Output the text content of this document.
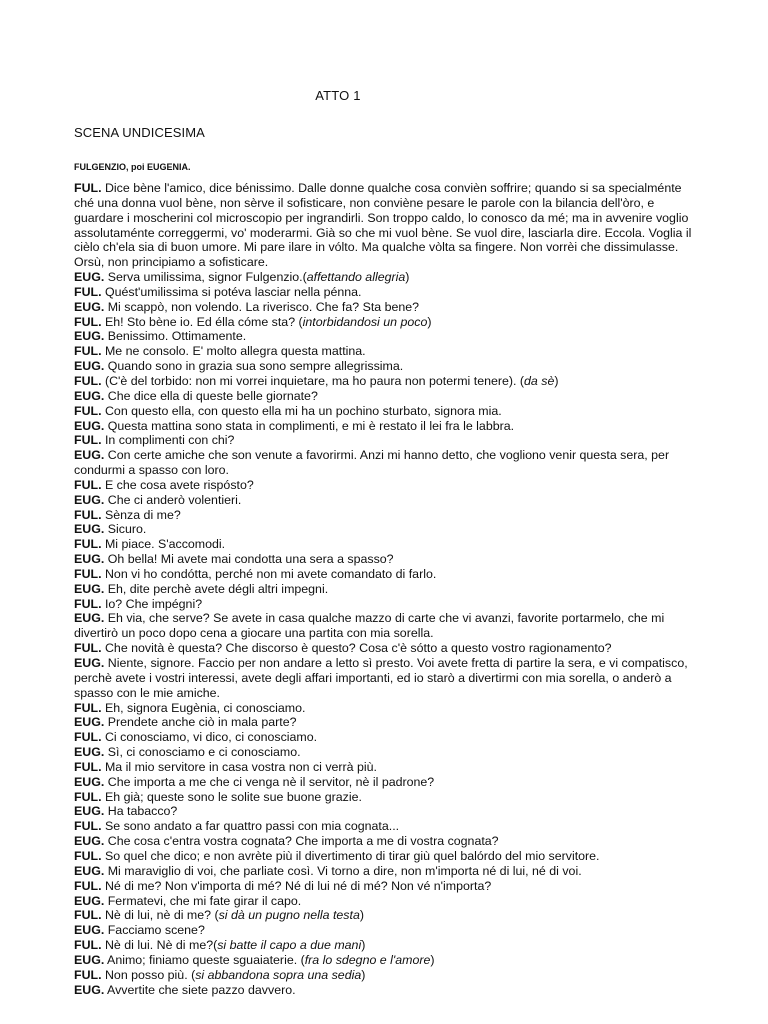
ATTO 1
SCENA UNDICESIMA
FULGENZIO, poi EUGENIA.
FUL. Dice bène l'amico, dice bénissimo. Dalle donne qualche cosa convièn soffrire; quando si sa specialménte ché una donna vuol bène, non sèrve il sofisticare, non conviène pesare le parole con la bilancia dell'òro, e guardare i moscherini col microscopio per ingrandirli. Son troppo caldo, lo conosco da mé; ma in avvenire voglio assolutaménte correggermi, vo' moderarmi. Già so che mi vuol bène. Se vuol dire, lasciarla dire. Eccola. Voglia il cièlo ch'ela sia di buon umore. Mi pare ilare in vólto. Ma qualche vòlta sa fingere. Non vorrèi che dissimulasse. Orsù, non principiamo a sofisticare.
EUG. Serva umilissima, signor Fulgenzio.(affettando allegria)
FUL. Quést'umilissima si potéva lasciar nella pénna.
EUG. Mi scappò, non volendo. La riverisco. Che fa? Sta bene?
FUL. Eh! Sto bène io. Ed élla cóme sta? (intorbidandosi un poco)
EUG. Benissimo. Ottimamente.
FUL. Me ne consolo. E' molto allegra questa mattina.
EUG. Quando sono in grazia sua sono sempre allegrissima.
FUL. (C'è del torbido: non mi vorrei inquietare, ma ho paura non potermi tenere). (da sè)
EUG. Che dice ella di queste belle giornate?
FUL. Con questo ella, con questo ella mi ha un pochino sturbato, signora mia.
EUG. Questa mattina sono stata in complimenti, e mi è restato il lei fra le labbra.
FUL. In complimenti con chi?
EUG. Con certe amiche che son venute a favorirmi. Anzi mi hanno detto, che vogliono venir questa sera, per condurmi a spasso con loro.
FUL. E che cosa avete rispósto?
EUG. Che ci anderò volentieri.
FUL. Sènza di me?
EUG. Sicuro.
FUL. Mi piace. S'accomodi.
EUG. Oh bella! Mi avete mai condotta una sera a spasso?
FUL. Non vi ho condótta, perché non mi avete comandato di farlo.
EUG. Eh, dite perchè avete dégli altri impegni.
FUL. Io? Che impégni?
EUG. Eh via, che serve? Se avete in casa qualche mazzo di carte che vi avanzi, favorite portarmelo, che mi divertirò un poco dopo cena a giocare una partita con mia sorella.
FUL. Che novità è questa? Che discorso è questo? Cosa c'è sótto a questo vostro ragionamento?
EUG. Niente, signore. Faccio per non andare a letto sì presto. Voi avete fretta di partire la sera, e vi compatisco, perchè avete i vostri interessi, avete degli affari importanti, ed io starò a divertirmi con mia sorella, o anderò a spasso con le mie amiche.
FUL. Eh, signora Eugènia, ci conosciamo.
EUG. Prendete anche ciò in mala parte?
FUL. Ci conosciamo, vi dico, ci conosciamo.
EUG. Sì, ci conosciamo e ci conosciamo.
FUL. Ma il mio servitore in casa vostra non ci verrà più.
EUG. Che importa a me che ci venga nè il servitor, nè il padrone?
FUL. Eh già; queste sono le solite sue buone grazie.
EUG. Ha tabacco?
FUL. Se sono andato a far quattro passi con mia cognata...
EUG. Che cosa c'entra vostra cognata? Che importa a me di vostra cognata?
FUL. So quel che dico; e non avrète più il divertimento di tirar giù quel balórdo del mio servitore.
EUG. Mi maraviglio di voi, che parliate così. Vi torno a dire, non m'importa né di lui, né di voi.
FUL. Né di me? Non v'importa di mé? Né di lui né di mé? Non vé n'importa?
EUG. Fermatevi, che mi fate girar il capo.
FUL. Nè di lui, nè di me? (si dà un pugno nella testa)
EUG. Facciamo scene?
FUL. Nè di lui. Nè di me?(si batte il capo a due mani)
EUG. Animo; finiamo queste sguaiaterie. (fra lo sdegno e l'amore)
FUL. Non posso più. (si abbandona sopra una sedia)
EUG. Avvertite che siete pazzo davvero.
